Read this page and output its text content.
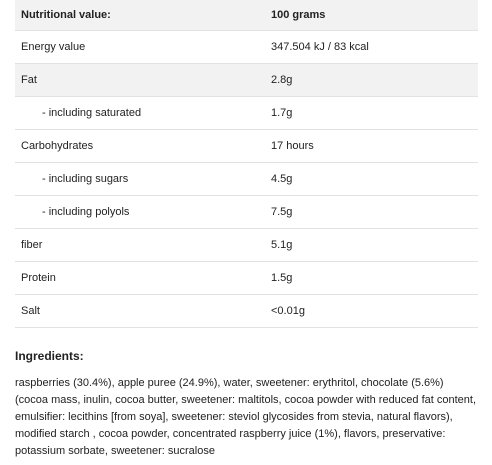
Nutritional value:	100 grams
Energy value	347.504 kJ / 83 kcal
Fat	2.8g
- including saturated	1.7g
Carbohydrates	17 hours
- including sugars	4.5g
- including polyols	7.5g
fiber	5.1g
Protein	1.5g
Salt	<0.01g
Ingredients:

raspberries (30.4%), apple puree (24.9%), water, sweetener: erythritol, chocolate (5.6%) (cocoa mass, inulin, cocoa butter, sweetener: maltitols, cocoa powder with reduced fat content, emulsifier: lecithins [from soya], sweetener: steviol glycosides from stevia, natural flavors), modified starch , cocoa powder, concentrated raspberry juice (1%), flavors, preservative: potassium sorbate, sweetener: sucralose
